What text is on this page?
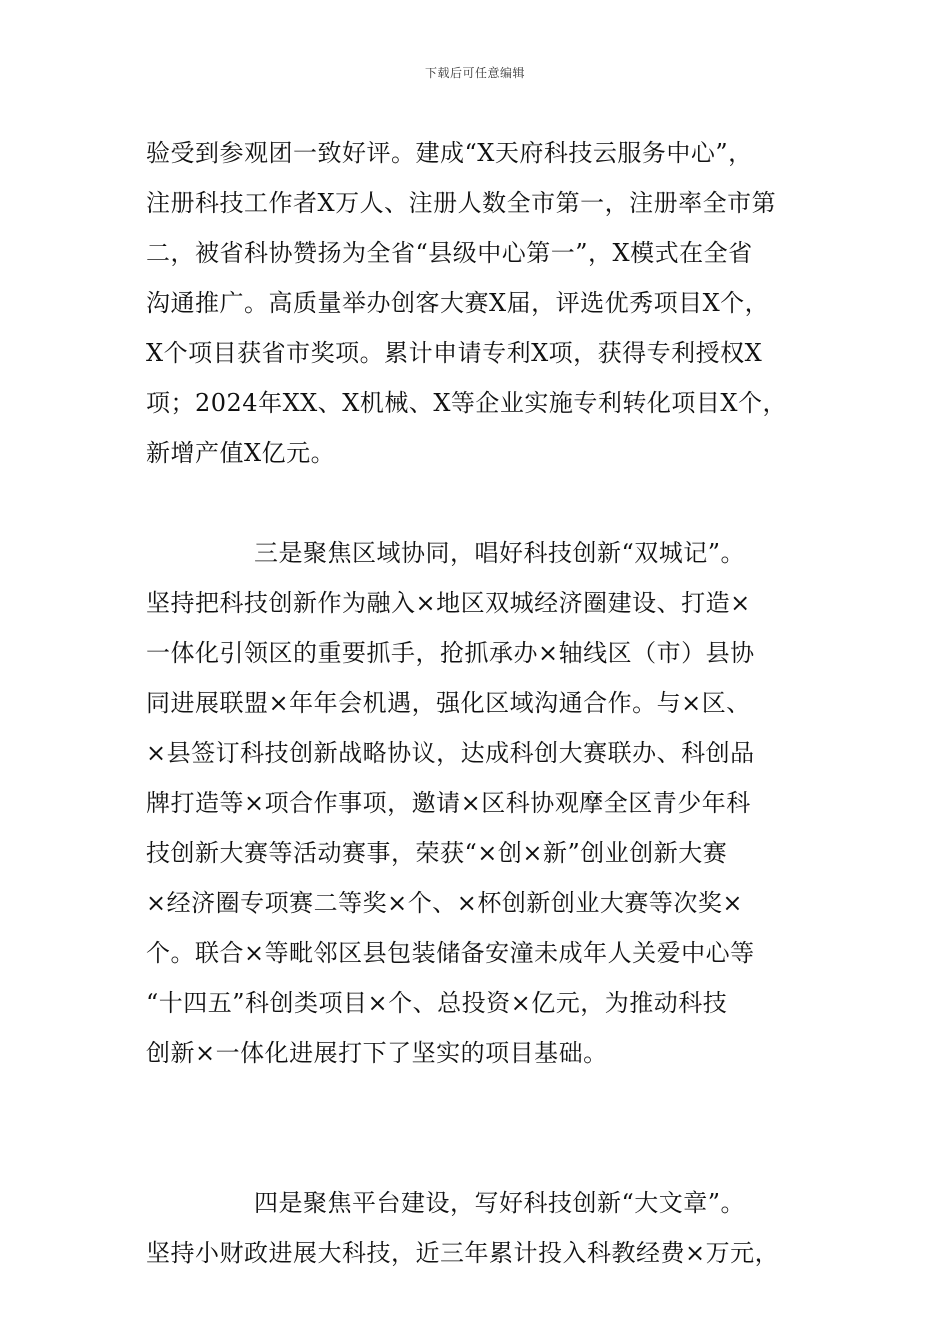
下载后可任意编辑
验受到参观团一致好评。建成“X天府科技云服务中心”，
注册科技工作者X万人、注册人数全市第一，注册率全市第
二，被省科协赞扬为全省“县级中心第一”，X模式在全省
沟通推广。高质量举办创客大赛X届，评选优秀项目X个，
X个项目获省市奖项。累计申请专利X项，获得专利授权X
项；2024年XX、X机械、X等企业实施专利转化项目X个，
新增产值X亿元。
三是聚焦区域协同，唱好科技创新“双城记”。
坚持把科技创新作为融入×地区双城经济圈建设、打造×
一体化引领区的重要抓手，抢抓承办×轴线区（市）县协
同进展联盟×年年会机遇，强化区域沟通合作。与×区、
×县签订科技创新战略协议，达成科创大赛联办、科创品
牌打造等×项合作事项，邀请×区科协观摩全区青少年科
技创新大赛等活动赛事，荣获“×创×新”创业创新大赛
×经济圈专项赛二等奖×个、×杯创新创业大赛等次奖×
个。联合×等毗邻区县包装储备安潼未成年人关爱中心等
“十四五”科创类项目×个、总投资×亿元，为推动科技
创新×一体化进展打下了坚实的项目基础。
四是聚焦平台建设，写好科技创新“大文章”。
坚持小财政进展大科技，近三年累计投入科教经费×万元，
